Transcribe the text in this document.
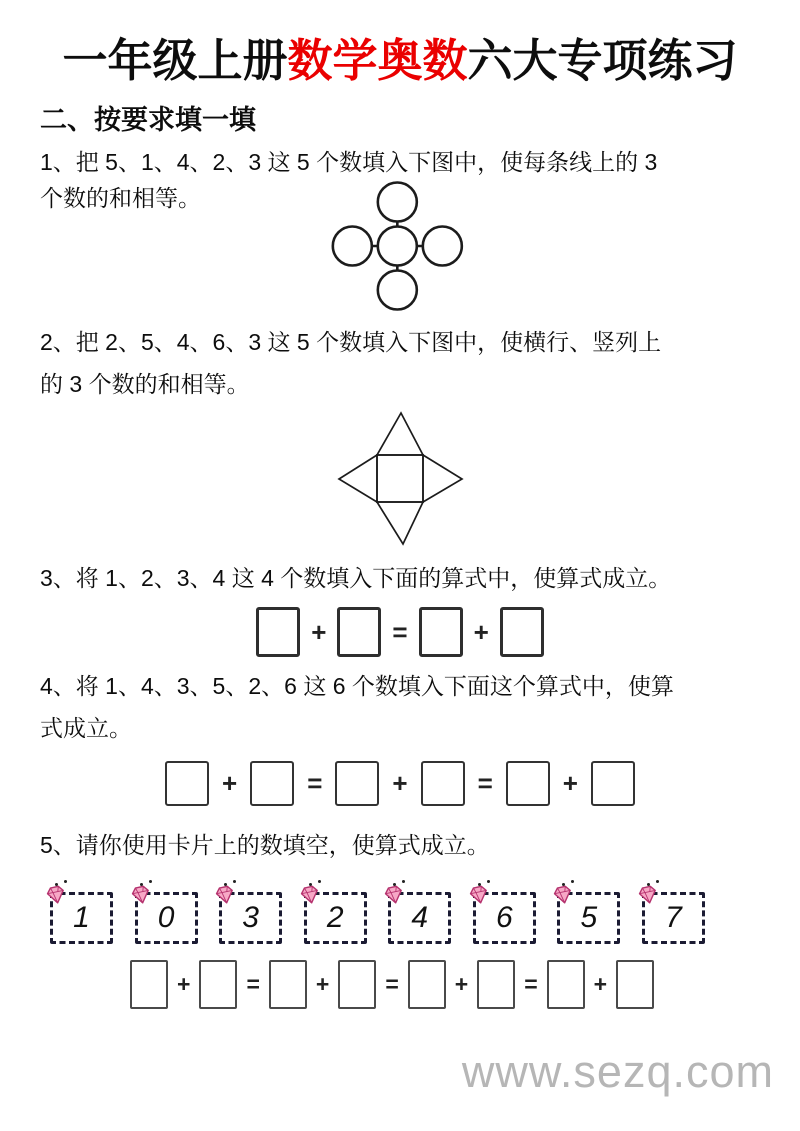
一年级上册数学奥数六大专项练习
二、按要求填一填

1、把 5、1、4、2、3 这 5 个数填入下图中，使每条线上的 3

个数的和相等。

2、把 2、5、4、6、3 这 5 个数填入下图中，使横行、竖列上

的 3 个数的和相等。

3、将 1、2、3、4 这 4 个数填入下面的算式中，使算式成立。

+	=	+

4、将 1、4、3、5、2、6 这 6 个数填入下面这个算式中，使算

式成立。

+	=	+	=	+

5、请你使用卡片上的数填空，使算式成立。

1 0 3 2 4 6 5 7
+ = + = + = +
www.sezq.com
